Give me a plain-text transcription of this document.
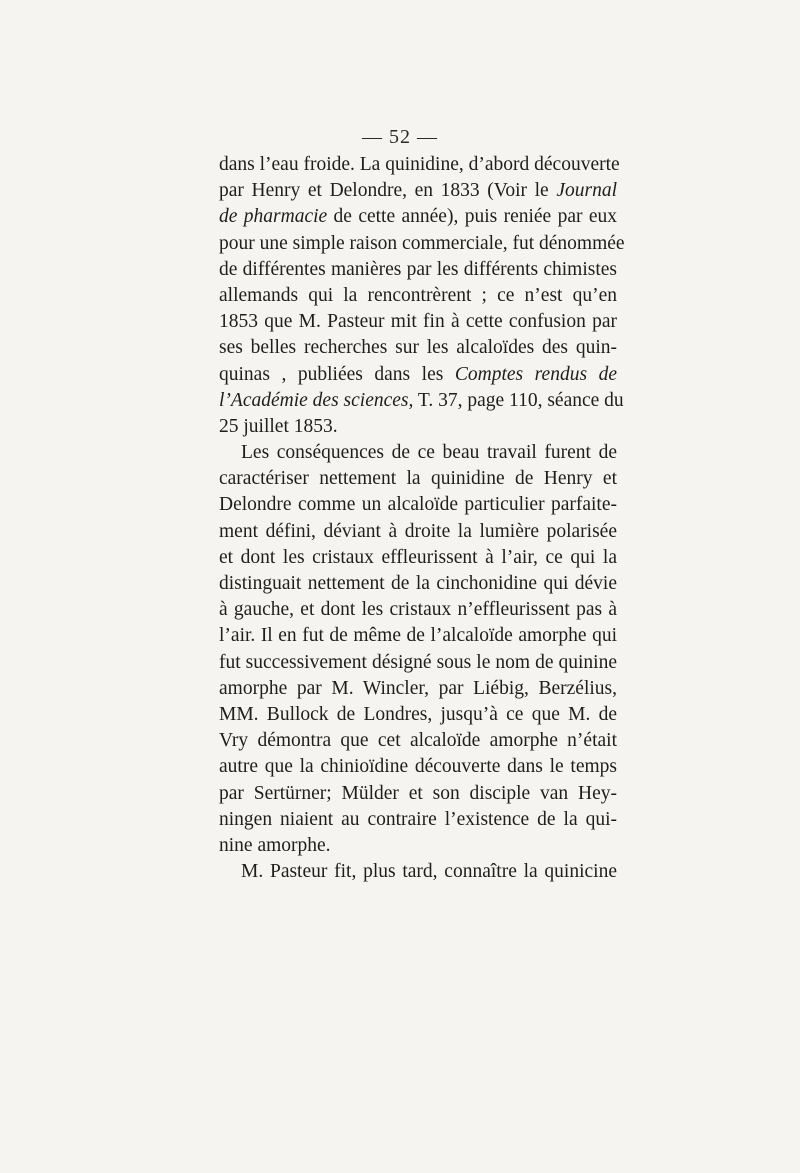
— 52 —
dans l’eau froide. La quinidine, d’abord découverte
par Henry et Delondre, en 1833 (Voir le Journal
de pharmacie de cette année), puis reniée par eux
pour une simple raison commerciale, fut dénommée
de différentes manières par les différents chimistes
allemands qui la rencontrèrent ; ce n’est qu’en
1853 que M. Pasteur mit fin à cette confusion par
ses belles recherches sur les alcaloïdes des quin-
quinas , publiées dans les Comptes rendus de
l’Académie des sciences, T. 37, page 110, séance du
25 juillet 1853.
Les conséquences de ce beau travail furent de
caractériser nettement la quinidine de Henry et
Delondre comme un alcaloïde particulier parfaite-
ment défini, déviant à droite la lumière polarisée
et dont les cristaux effleurissent à l’air, ce qui la
distinguait nettement de la cinchonidine qui dévie
à gauche, et dont les cristaux n’effleurissent pas à
l’air. Il en fut de même de l’alcaloïde amorphe qui
fut successivement désigné sous le nom de quinine
amorphe par M. Wincler, par Liébig, Berzélius,
MM. Bullock de Londres, jusqu’à ce que M. de
Vry démontra que cet alcaloïde amorphe n’était
autre que la chinioïdine découverte dans le temps
par Sertürner; Mülder et son disciple van Hey-
ningen niaient au contraire l’existence de la qui-
nine amorphe.
M. Pasteur fit, plus tard, connaître la quinicine
